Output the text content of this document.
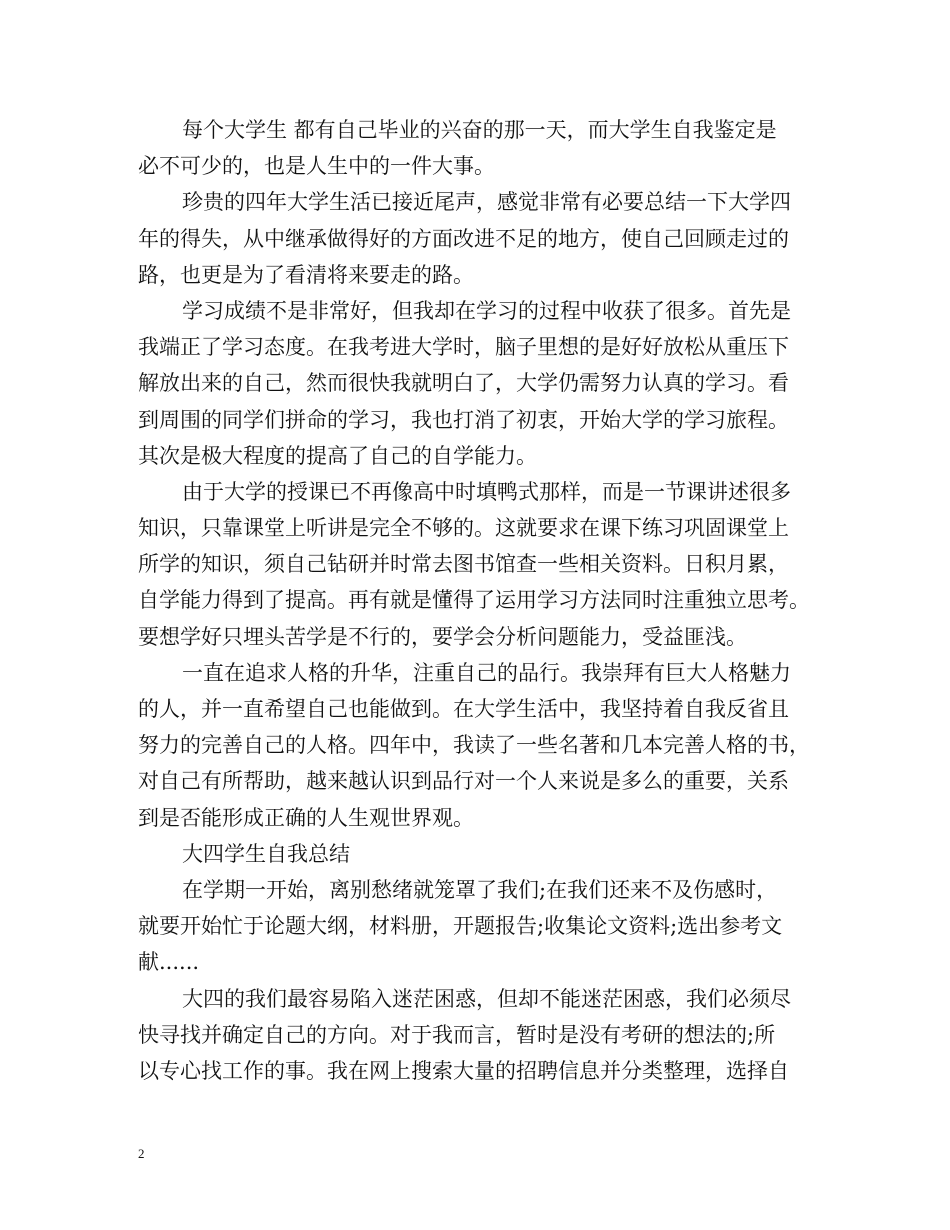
每个大学生 都有自己毕业的兴奋的那一天，而大学生自我鉴定是
必不可少的，也是人生中的一件大事。
珍贵的四年大学生活已接近尾声，感觉非常有必要总结一下大学四
年的得失，从中继承做得好的方面改进不足的地方，使自己回顾走过的
路，也更是为了看清将来要走的路。
学习成绩不是非常好，但我却在学习的过程中收获了很多。首先是
我端正了学习态度。在我考进大学时，脑子里想的是好好放松从重压下
解放出来的自己，然而很快我就明白了，大学仍需努力认真的学习。看
到周围的同学们拼命的学习，我也打消了初衷，开始大学的学习旅程。
其次是极大程度的提高了自己的自学能力。
由于大学的授课已不再像高中时填鸭式那样，而是一节课讲述很多
知识，只靠课堂上听讲是完全不够的。这就要求在课下练习巩固课堂上
所学的知识，须自己钻研并时常去图书馆查一些相关资料。日积月累，
自学能力得到了提高。再有就是懂得了运用学习方法同时注重独立思考。
要想学好只埋头苦学是不行的，要学会分析问题能力，受益匪浅。
一直在追求人格的升华，注重自己的品行。我崇拜有巨大人格魅力
的人，并一直希望自己也能做到。在大学生活中，我坚持着自我反省且
努力的完善自己的人格。四年中，我读了一些名著和几本完善人格的书，
对自己有所帮助，越来越认识到品行对一个人来说是多么的重要，关系
到是否能形成正确的人生观世界观。
大四学生自我总结
在学期一开始，离别愁绪就笼罩了我们;在我们还来不及伤感时，
就要开始忙于论题大纲，材料册，开题报告;收集论文资料;选出参考文
献......
大四的我们最容易陷入迷茫困惑，但却不能迷茫困惑，我们必须尽
快寻找并确定自己的方向。对于我而言，暂时是没有考研的想法的;所
以专心找工作的事。我在网上搜索大量的招聘信息并分类整理，选择自
2
